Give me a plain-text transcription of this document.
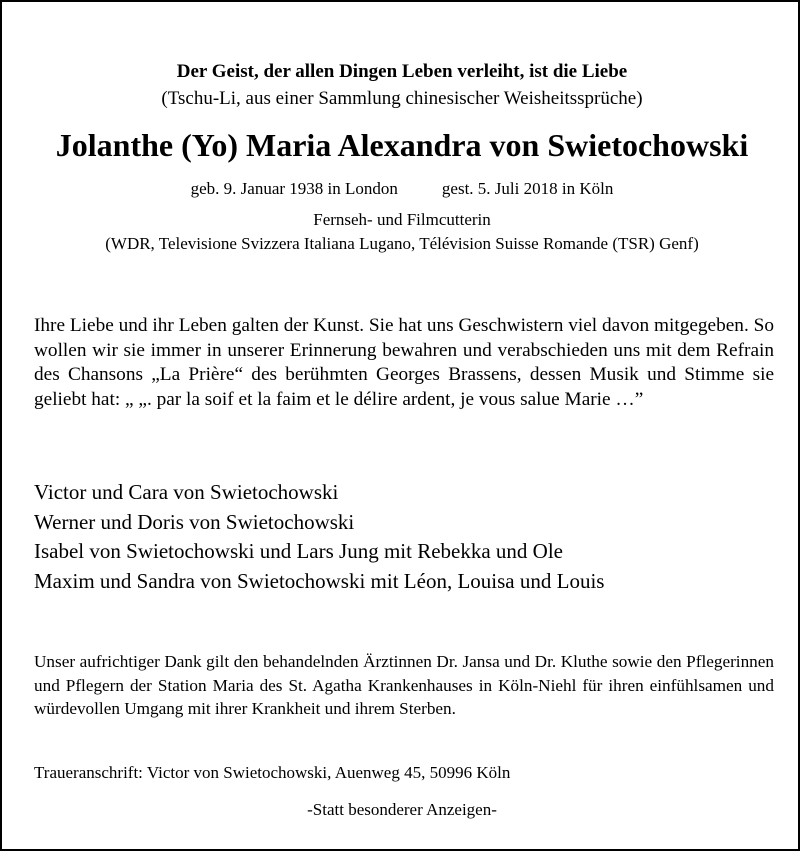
Der Geist, der allen Dingen Leben verleiht, ist die Liebe
(Tschu-Li, aus einer Sammlung chinesischer Weisheitssprüche)
Jolanthe (Yo) Maria Alexandra von Swietochowski
geb. 9. Januar 1938 in London	gest. 5. Juli 2018 in Köln
Fernseh- und Filmcutterin
(WDR, Televisione Svizzera Italiana Lugano, Télévision Suisse Romande (TSR) Genf)
Ihre Liebe und ihr Leben galten der Kunst. Sie hat uns Geschwistern viel davon mitgegeben. So wollen wir sie immer in unserer Erinnerung bewahren und verabschieden uns mit dem Refrain des Chansons „La Prière“ des berühmten Georges Brassens, dessen Musik und Stimme sie geliebt hat: „ „. par la soif et la faim et le délire ardent, je vous salue Marie …”
Victor und Cara von Swietochowski
Werner und Doris von Swietochowski
Isabel von Swietochowski und Lars Jung mit Rebekka und Ole
Maxim und Sandra von Swietochowski mit Léon, Louisa und Louis
Unser aufrichtiger Dank gilt den behandelnden Ärztinnen Dr. Jansa und Dr. Kluthe sowie den Pflegerinnen und Pflegern der Station Maria des St. Agatha Krankenhauses in Köln-Niehl für ihren einfühlsamen und würdevollen Umgang mit ihrer Krankheit und ihrem Sterben.
Traueranschrift: Victor von Swietochowski, Auenweg 45, 50996 Köln
-Statt besonderer Anzeigen-
